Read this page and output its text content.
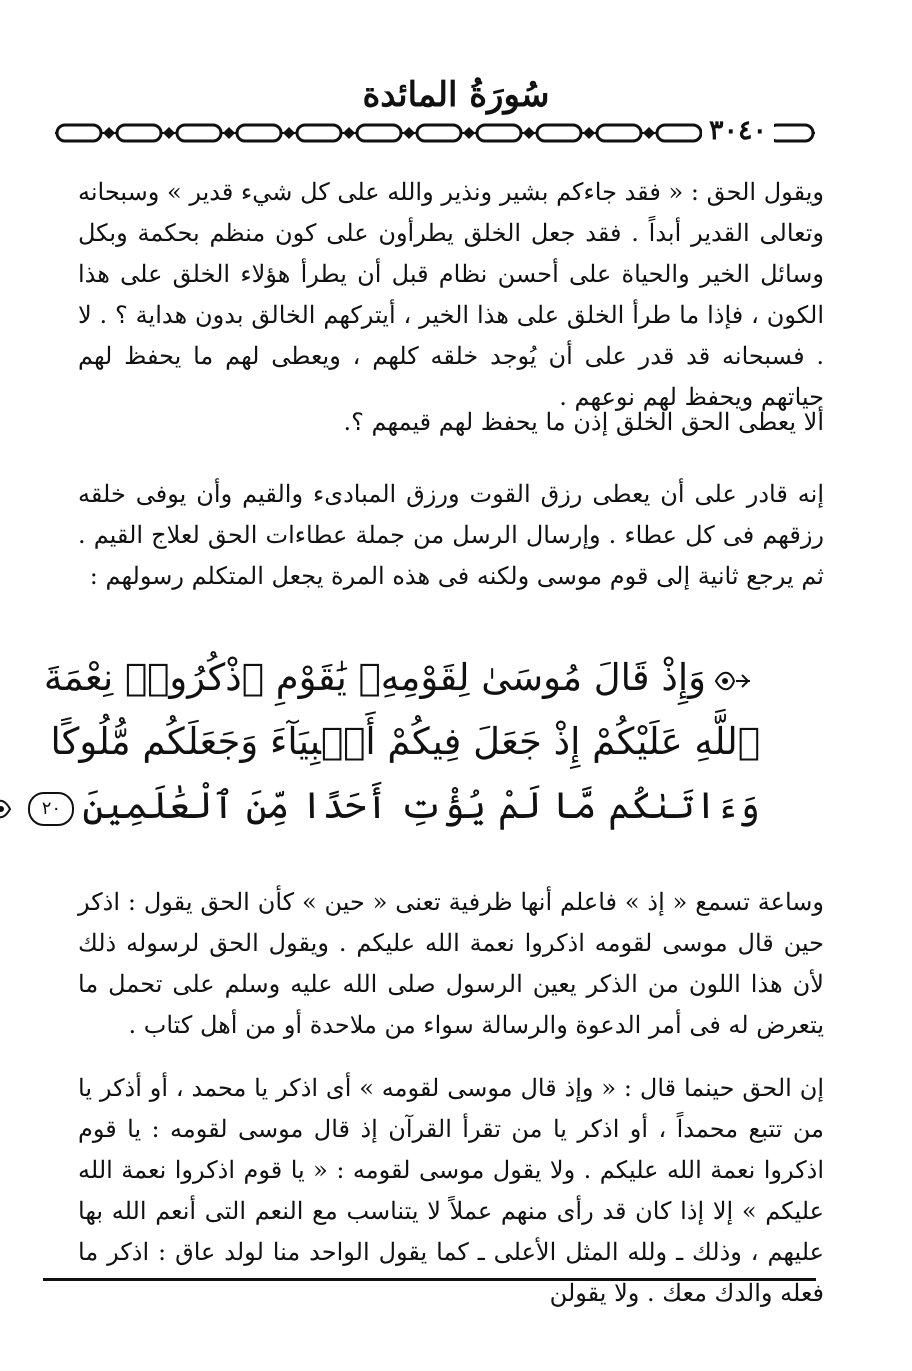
سُورَةُ المائدة
٣٠٤٠
ويقول الحق : « فقد جاءكم بشير ونذير والله على كل شيء قدير » وسبحانه وتعالى القدير أبداً . فقد جعل الخلق يطرأون على كون منظم بحكمة وبكل وسائل الخير والحياة على أحسن نظام قبل أن يطرأ هؤلاء الخلق على هذا الكون ، فإذا ما طرأ الخلق على هذا الخير ، أيتركهم الخالق بدون هداية ؟ . لا . فسبحانه قد قدر على أن يُوجد خلقه كلهم ، ويعطى لهم ما يحفظ لهم حياتهم ويحفظ لهم نوعهم .
ألا يعطى الحق الخلق إذن ما يحفظ لهم قيمهم ؟.
إنه قادر على أن يعطى رزق القوت ورزق المبادىء والقيم وأن يوفى خلقه رزقهم فى كل عطاء . وإرسال الرسل من جملة عطاءات الحق لعلاج القيم . ثم يرجع ثانية إلى قوم موسى ولكنه فى هذه المرة يجعل المتكلم رسولهم :
وَإِذْ قَالَ مُوسَىٰ لِقَوْمِهِۦ يَٰقَوْمِ ٱذْكُرُوا۟ نِعْمَةَ
ٱللَّهِ عَلَيْكُمْ إِذْ جَعَلَ فِيكُمْ أَنۢبِيَآءَ وَجَعَلَكُم مُّلُوكًا
وَءَاتَىٰكُم مَّا لَمْ يُؤْتِ أَحَدًا مِّنَ ٱلْعَٰلَمِينَ٢٠
وساعة تسمع « إذ » فاعلم أنها ظرفية تعنى « حين » كأن الحق يقول : اذكر حين قال موسى لقومه اذكروا نعمة الله عليكم . ويقول الحق لرسوله ذلك لأن هذا اللون من الذكر يعين الرسول صلى الله عليه وسلم على تحمل ما يتعرض له فى أمر الدعوة والرسالة سواء من ملاحدة أو من أهل كتاب .
إن الحق حينما قال : « وإذ قال موسى لقومه » أى اذكر يا محمد ، أو أذكر يا من تتبع محمداً ، أو اذكر يا من تقرأ القرآن إذ قال موسى لقومه : يا قوم اذكروا نعمة الله عليكم . ولا يقول موسى لقومه : « يا قوم اذكروا نعمة الله عليكم » إلا إذا كان قد رأى منهم عملاً لا يتناسب مع النعم التى أنعم الله بها عليهم ، وذلك ـ ولله المثل الأعلى ـ كما يقول الواحد منا لولد عاق : اذكر ما فعله والدك معك . ولا يقولن
